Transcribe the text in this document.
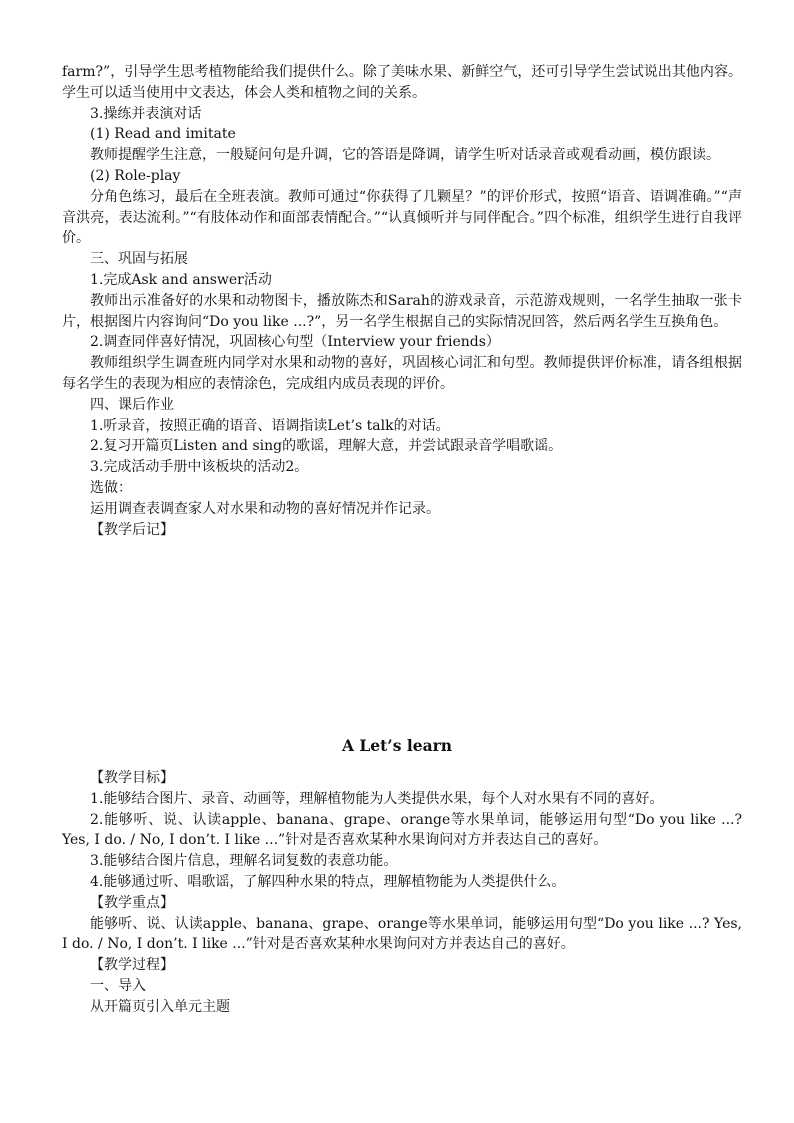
farm?”，引导学生思考植物能给我们提供什么。除了美味水果、新鲜空气，还可引导学生尝试说出其他内容。学生可以适当使用中文表达，体会人类和植物之间的关系。

3.操练并表演对话

(1) Read and imitate

教师提醒学生注意，一般疑问句是升调，它的答语是降调，请学生听对话录音或观看动画，模仿跟读。

(2) Role-play

分角色练习，最后在全班表演。教师可通过“你获得了几颗星？”的评价形式，按照“语音、语调准确。”“声音洪亮，表达流利。”“有肢体动作和面部表情配合。”“认真倾听并与同伴配合。”四个标准，组织学生进行自我评价。

三、巩固与拓展

1.完成Ask and answer活动

教师出示准备好的水果和动物图卡，播放陈杰和Sarah的游戏录音，示范游戏规则，一名学生抽取一张卡片，根据图片内容询问“Do you like ...?”，另一名学生根据自己的实际情况回答，然后两名学生互换角色。

2.调查同伴喜好情况，巩固核心句型（Interview your friends）

教师组织学生调查班内同学对水果和动物的喜好，巩固核心词汇和句型。教师提供评价标准，请各组根据每名学生的表现为相应的表情涂色，完成组内成员表现的评价。

四、课后作业

1.听录音，按照正确的语音、语调指读Let’s talk的对话。

2.复习开篇页Listen and sing的歌谣，理解大意，并尝试跟录音学唱歌谣。

3.完成活动手册中该板块的活动2。

选做：

运用调查表调查家人对水果和动物的喜好情况并作记录。

【教学后记】

A Let’s learn

【教学目标】

1.能够结合图片、录音、动画等，理解植物能为人类提供水果，每个人对水果有不同的喜好。

2.能够听、说、认读apple、banana、grape、orange等水果单词，能够运用句型“Do you like ...? Yes, I do. / No, I don’t. I like ...”针对是否喜欢某种水果询问对方并表达自己的喜好。

3.能够结合图片信息，理解名词复数的表意功能。

4.能够通过听、唱歌谣，了解四种水果的特点，理解植物能为人类提供什么。

【教学重点】

能够听、说、认读apple、banana、grape、orange等水果单词，能够运用句型“Do you like ...? Yes, I do. / No, I don’t. I like ...”针对是否喜欢某种水果询问对方并表达自己的喜好。

【教学过程】

一、导入

从开篇页引入单元主题
